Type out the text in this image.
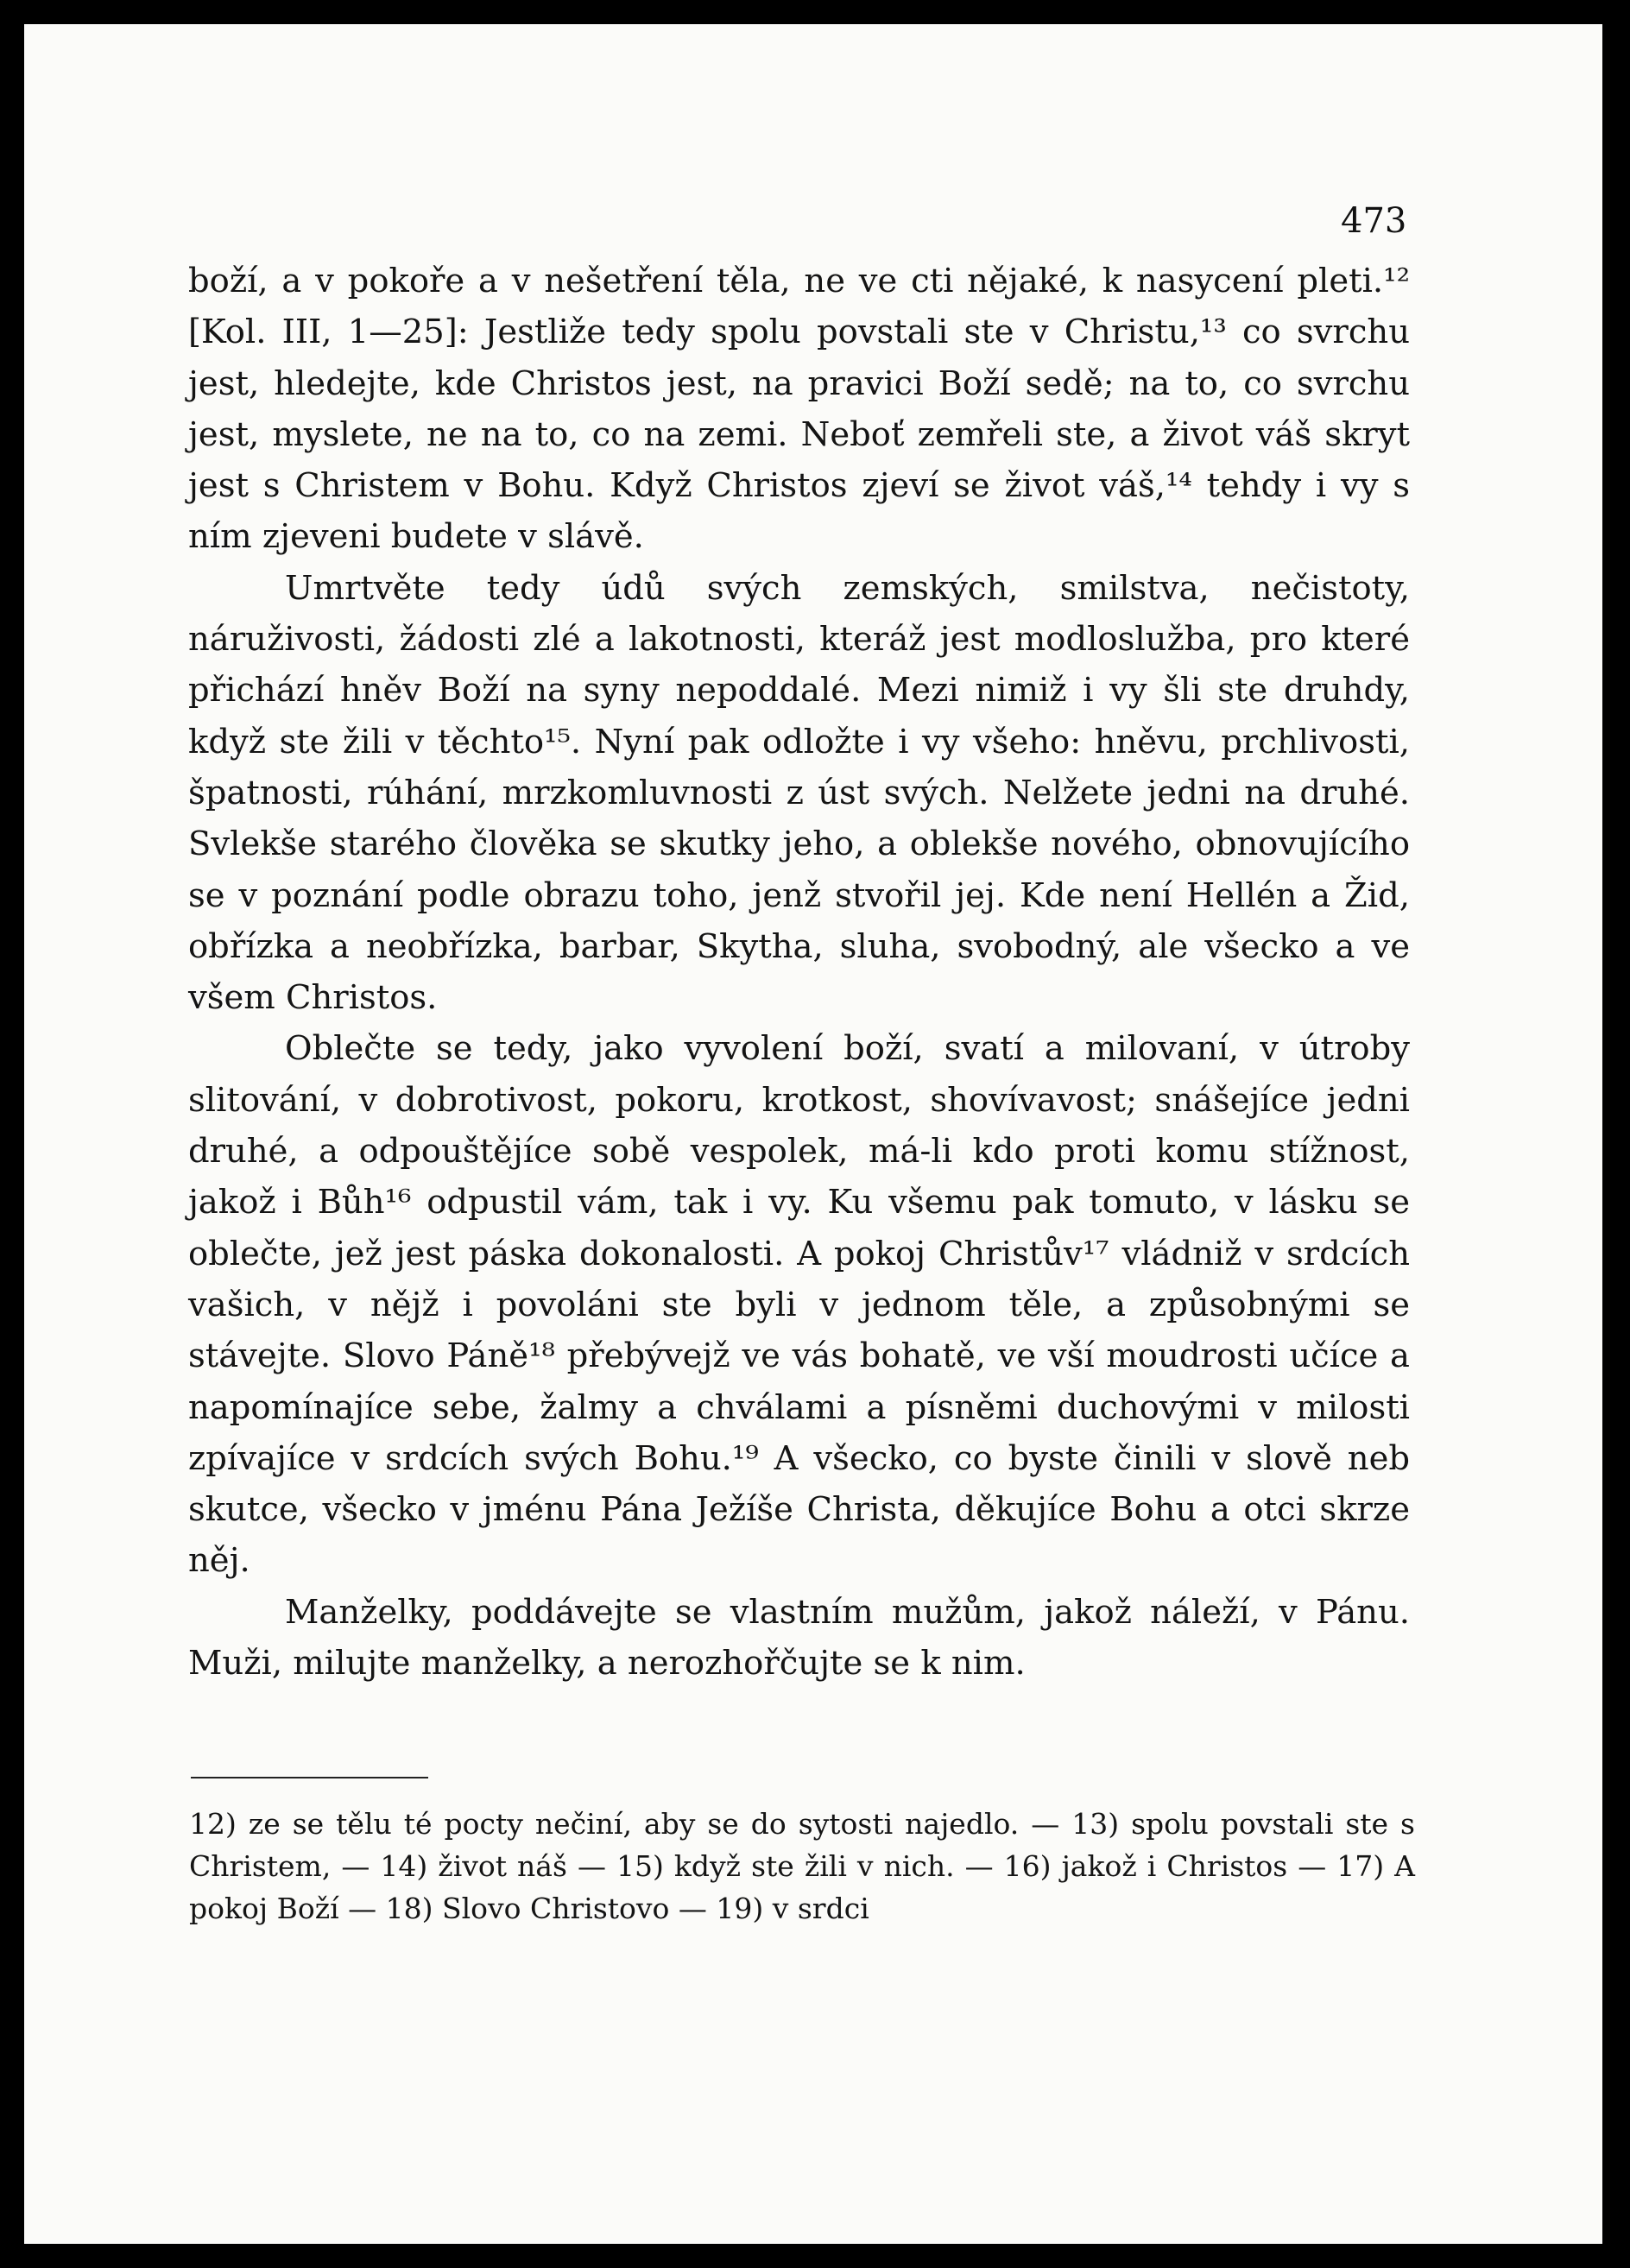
473

boží, a v pokoře a v nešetření těla, ne ve cti nějaké, k nasycení pleti.¹² [Kol. III, 1—25]: Jestliže tedy spolu povstali ste v Christu,¹³ co svrchu jest, hledejte, kde Christos jest, na pravici Boží sedě; na to, co svrchu jest, myslete, ne na to, co na zemi. Neboť zemřeli ste, a život váš skryt jest s Christem v Bohu. Když Christos zjeví se život váš,¹⁴ tehdy i vy s ním zjeveni budete v slávě.

Umrtvěte tedy údů svých zemských, smilstva, nečistoty, náruživosti, žádosti zlé a lakotnosti, kteráž jest modloslužba, pro které přichází hněv Boží na syny nepoddalé. Mezi nimiž i vy šli ste druhdy, když ste žili v těchto¹⁵. Nyní pak odložte i vy všeho: hněvu, prchlivosti, špatnosti, rúhání, mrzkomluvnosti z úst svých. Nelžete jedni na druhé. Svlekše starého člověka se skutky jeho, a oblekše nového, obnovujícího se v poznání podle obrazu toho, jenž stvořil jej. Kde není Hellén a Žid, obřízka a neobřízka, barbar, Skytha, sluha, svobodný, ale všecko a ve všem Christos.

Oblečte se tedy, jako vyvolení boží, svatí a milovaní, v útroby slitování, v dobrotivost, pokoru, krotkost, shovívavost; snášejíce jedni druhé, a odpouštějíce sobě vespolek, má-li kdo proti komu stížnost, jakož i Bůh¹⁶ odpustil vám, tak i vy. Ku všemu pak tomuto, v lásku se oblečte, jež jest páska dokonalosti. A pokoj Christův¹⁷ vládniž v srdcích vašich, v nějž i povoláni ste byli v jednom těle, a způsobnými se stávejte. Slovo Páně¹⁸ přebývejž ve vás bohatě, ve vší moudrosti učíce a napomínajíce sebe, žalmy a chválami a písněmi duchovými v milosti zpívajíce v srdcích svých Bohu.¹⁹ A všecko, co byste činili v slově neb skutce, všecko v jménu Pána Ježíše Christa, děkujíce Bohu a otci skrze něj.

Manželky, poddávejte se vlastním mužům, jakož náleží, v Pánu. Muži, milujte manželky, a nerozhořčujte se k nim.

12) ze se tělu té pocty nečiní, aby se do sytosti najedlo. — 13) spolu povstali ste s Christem, — 14) život náš — 15) když ste žili v nich. — 16) jakož i Christos — 17) A pokoj Boží — 18) Slovo Christovo — 19) v srdci
